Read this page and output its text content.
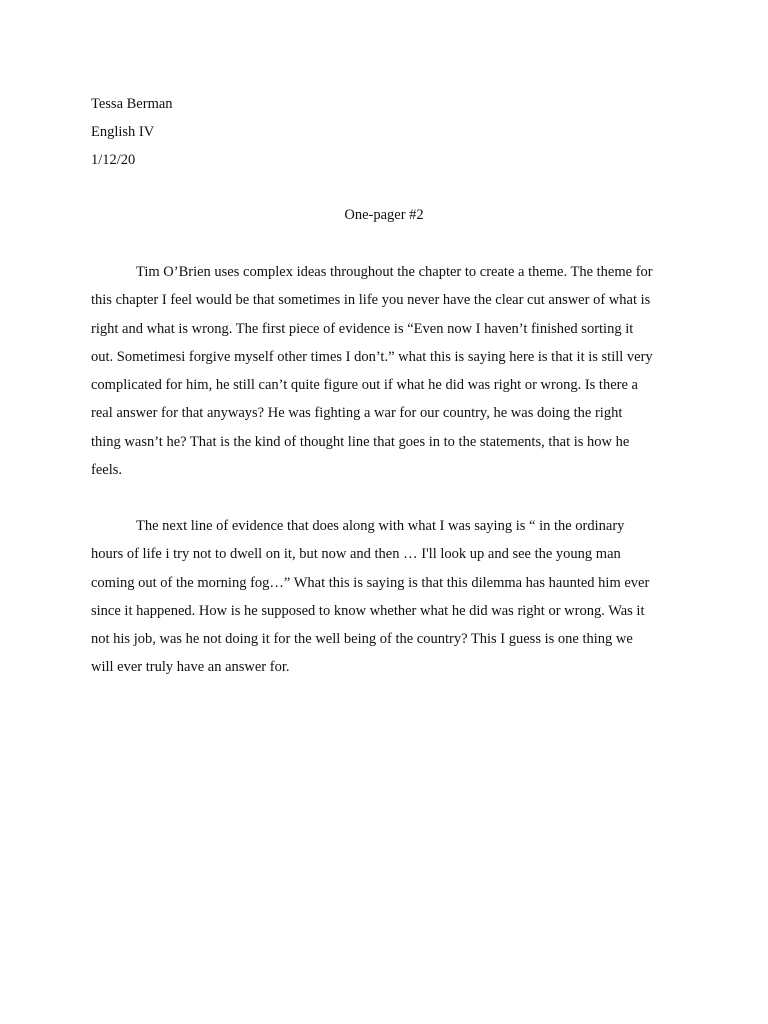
Tessa Berman
English IV
1/12/20
One-pager #2
Tim O’Brien uses complex ideas throughout the chapter to create a theme. The theme for
this chapter I feel would be that sometimes in life you never have the clear cut answer of what is
right and what is wrong. The first piece of evidence is “Even now I haven’t finished sorting it
out. Sometimesi forgive myself other times I don’t.” what this is saying here is that it is still very
complicated for him, he still can’t quite figure out if what he did was right or wrong. Is there a
real answer for that anyways? He was fighting a war for our country, he was doing the right
thing wasn’t he? That is the kind of thought line that goes in to the statements, that is how he
feels.
The next line of evidence that does along with what I was saying is “ in the ordinary
hours of life i try not to dwell on it, but now and then … I'll look up and see the young man
coming out of the morning fog…” What this is saying is that this dilemma has haunted him ever
since it happened. How is he supposed to know whether what he did was right or wrong. Was it
not his job, was he not doing it for the well being of the country? This I guess is one thing we
will ever truly have an answer for.
